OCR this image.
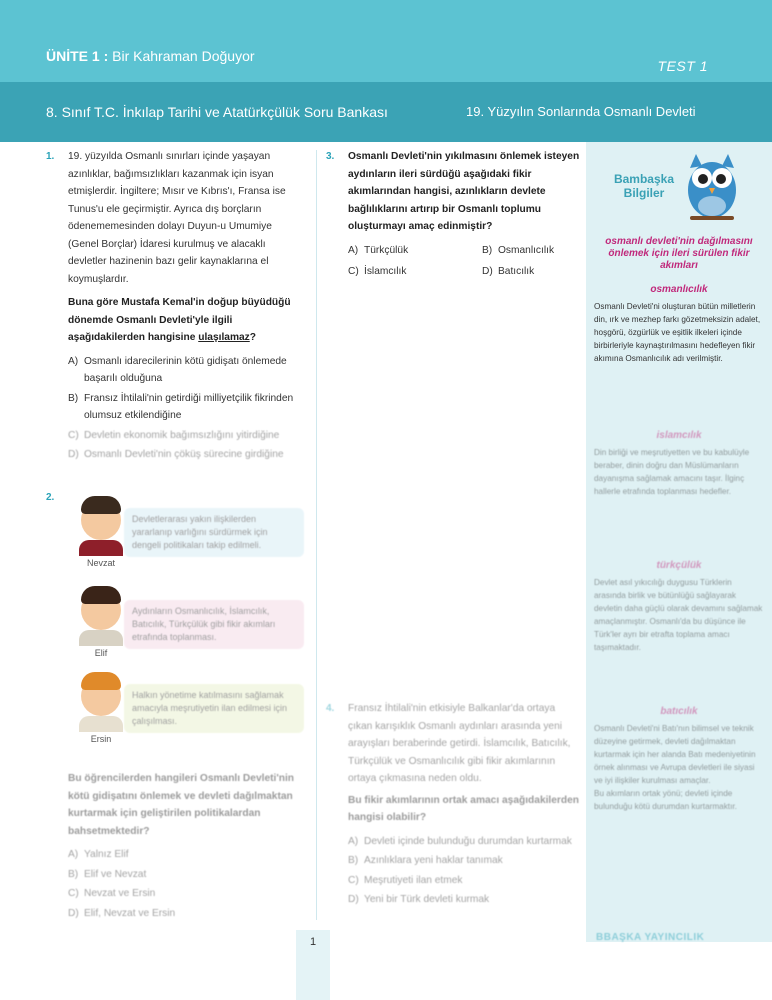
ÜNİTE 1 : Bir Kahraman Doğuyor
TEST 1
8. Sınıf T.C. İnkılap Tarihi ve Atatürkçülük Soru Bankası	19. Yüzyılın Sonlarında Osmanlı Devleti
1. 19. yüzyılda Osmanlı sınırları içinde yaşayan azınlıklar, bağımsızlıkları kazanmak için isyan etmişlerdir. İngiltere; Mısır ve Kıbrıs'ı, Fransa ise Tunus'u ele geçirmiştir. Ayrıca dış borçların ödenememesinden dolayı Duyun-u Umumiye (Genel Borçlar) İdaresi kurulmuş ve alacaklı devletler hazinenin bazı gelir kaynaklarına el koymuşlardır.
Buna göre Mustafa Kemal'in doğup büyüdüğü dönemde Osmanlı Devleti'yle ilgili aşağıdakilerden hangisine ulaşılamaz?
A) Osmanlı idarecilerinin kötü gidişatı önlemede başarılı olduğuna
B) Fransız İhtilali'nin getirdiği milliyetçilik fikrinden olumsuz etkilendiğine
C) Devletin ekonomik bağımsızlığını yitirdiğine
D) Osmanlı Devleti'nin çöküş sürecine girdiğine
2.
Nevzat
Devletlerarası yakın ilişkilerden yararlanıp varlığını sürdürmek için dengeli politikaları takip edilmeli.
Elif
Aydınların Osmanlıcılık, İslamcılık, Batıcılık, Türkçülük gibi fikir akımları etrafında toplanması.
Ersin
Halkın yönetime katılmasını sağlamak amacıyla meşrutiyetin ilan edilmesi için çalışılması.
Bu öğrencilerden hangileri Osmanlı Devleti'nin kötü gidişatını önlemek ve devleti dağılmaktan kurtarmak için geliştirilen politikalardan bahsetmektedir?
A) Yalnız Elif
B) Elif ve Nevzat
C) Nevzat ve Ersin
D) Elif, Nevzat ve Ersin
3. Osmanlı Devleti'nin yıkılmasını önlemek isteyen aydınların ileri sürdüğü aşağıdaki fikir akımlarından hangisi, azınlıkların devlete bağlılıklarını artırıp bir Osmanlı toplumu oluşturmayı amaç edinmiştir?
A) Türkçülük	B) Osmanlıcılık
C) İslamcılık	D) Batıcılık
4. Fransız İhtilali'nin etkisiyle Balkanlar'da ortaya çıkan karışıklık Osmanlı aydınları arasında yeni arayışları beraberinde getirdi. İslamcılık, Batıcılık, Türkçülük ve Osmanlıcılık gibi fikir akımlarının ortaya çıkmasına neden oldu.
Bu fikir akımlarının ortak amacı aşağıdakilerden hangisi olabilir?
A) Devleti içinde bulunduğu durumdan kurtarmak
B) Azınlıklara yeni haklar tanımak
C) Meşrutiyeti ilan etmek
D) Yeni bir Türk devleti kurmak
Bambaşka
Bilgiler
osmanlı devleti'nin dağılmasını önlemek için ileri sürülen fikir akımları
osmanlıcılık
Osmanlı Devleti'ni oluşturan bütün milletlerin din, ırk ve mezhep farkı gözetmeksizin adalet, hoşgörü, özgürlük ve eşitlik ilkeleri içinde birbirleriyle kaynaştırılmasını hedefleyen fikir akımına Osmanlıcılık adı verilmiştir.
islamcılık
Din birliği ve meşrutiyetten ve bu kabulüyle beraber, dinin doğru dan Müslümanların dayanışma sağlamak amacını taşır. İlginç hallerle etrafında toplanması hedefler.
türkçülük
Devlet asıl yıkıcılığı duygusu Türklerin arasında birlik ve bütünlüğü sağlayarak devletin daha güçlü olarak devamını sağlamak amaçlanmıştır. Osmanlı'da bu düşünce ile Türk'ler ayrı bir etrafta toplama amacı taşımaktadır.
batıcılık
Osmanlı Devleti'ni Batı'nın bilimsel ve teknik düzeyine getirmek, devleti dağılmaktan kurtarmak için her alanda Batı medeniyetinin örnek alınması ve Avrupa devletleri ile siyasi ve iyi ilişkiler kurulması amaçlar.
Bu akımların ortak yönü; devleti içinde bulunduğu kötü durumdan kurtarmaktır.
BBAŞKA YAYINCILIK
1
